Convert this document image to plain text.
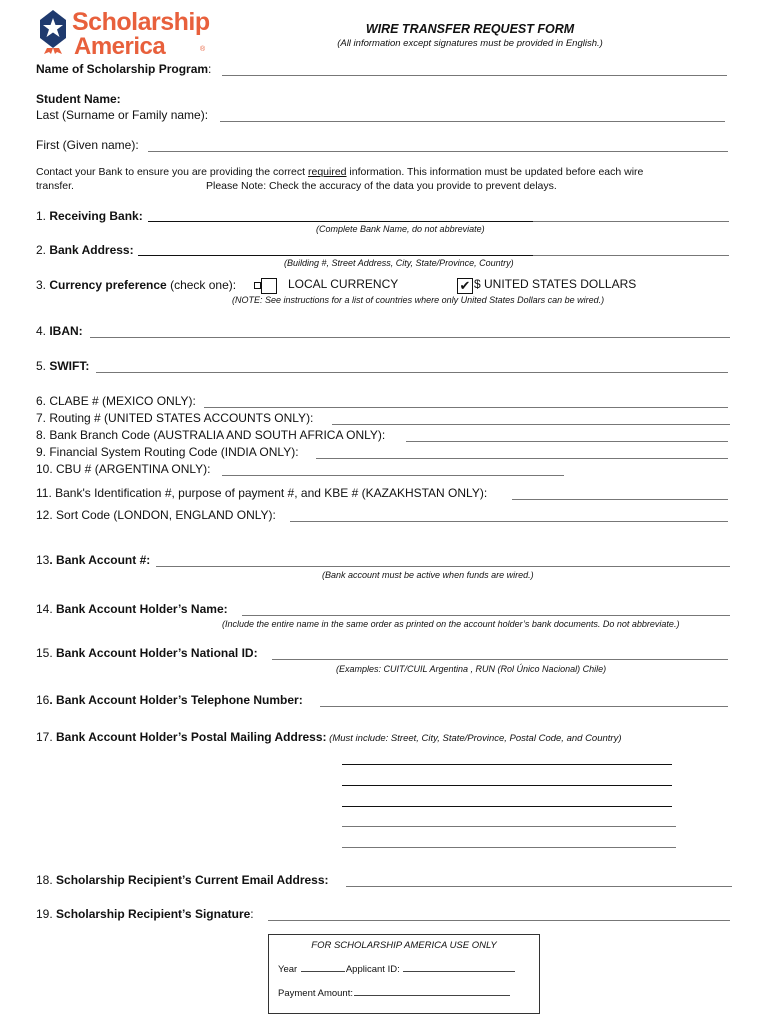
Scholarship
America	®
WIRE TRANSFER REQUEST FORM
(All information except signatures must be provided in English.)
Name of Scholarship Program:
Student Name:
Last (Surname or Family name):
First (Given name):
Contact your Bank to ensure you are providing the correct required information. This information must be updated before each wire
transfer.	Please Note: Check the accuracy of the data you provide to prevent delays.
1. Receiving Bank:
(Complete Bank Name, do not abbreviate)
2. Bank Address:
(Building #, Street Address, City, State/Province, Country)
3. Currency preference (check one):	LOCAL CURRENCY	✔ $ UNITED STATES DOLLARS
(NOTE: See instructions for a list of countries where only United States Dollars can be wired.)
4. IBAN:
5. SWIFT:
6. CLABE # (MEXICO ONLY):
7. Routing # (UNITED STATES ACCOUNTS ONLY):
8. Bank Branch Code (AUSTRALIA AND SOUTH AFRICA ONLY):
9. Financial System Routing Code (INDIA ONLY):
10. CBU # (ARGENTINA ONLY):
11. Bank's Identification #, purpose of payment #, and KBE # (KAZAKHSTAN ONLY):
12. Sort Code (LONDON, ENGLAND ONLY):
13. Bank Account #:
(Bank account must be active when funds are wired.)
14. Bank Account Holder’s Name:
(Include the entire name in the same order as printed on the account holder’s bank documents. Do not abbreviate.)
15. Bank Account Holder’s National ID:
(Examples: CUIT/CUIL Argentina , RUN (Rol Único Nacional) Chile)
16. Bank Account Holder’s Telephone Number:
17. Bank Account Holder’s Postal Mailing Address: (Must include: Street, City, State/Province, Postal Code, and Country)
18. Scholarship Recipient’s Current Email Address:
19. Scholarship Recipient’s Signature:
FOR SCHOLARSHIP AMERICA USE ONLY
Year	Applicant ID:
Payment Amount:
